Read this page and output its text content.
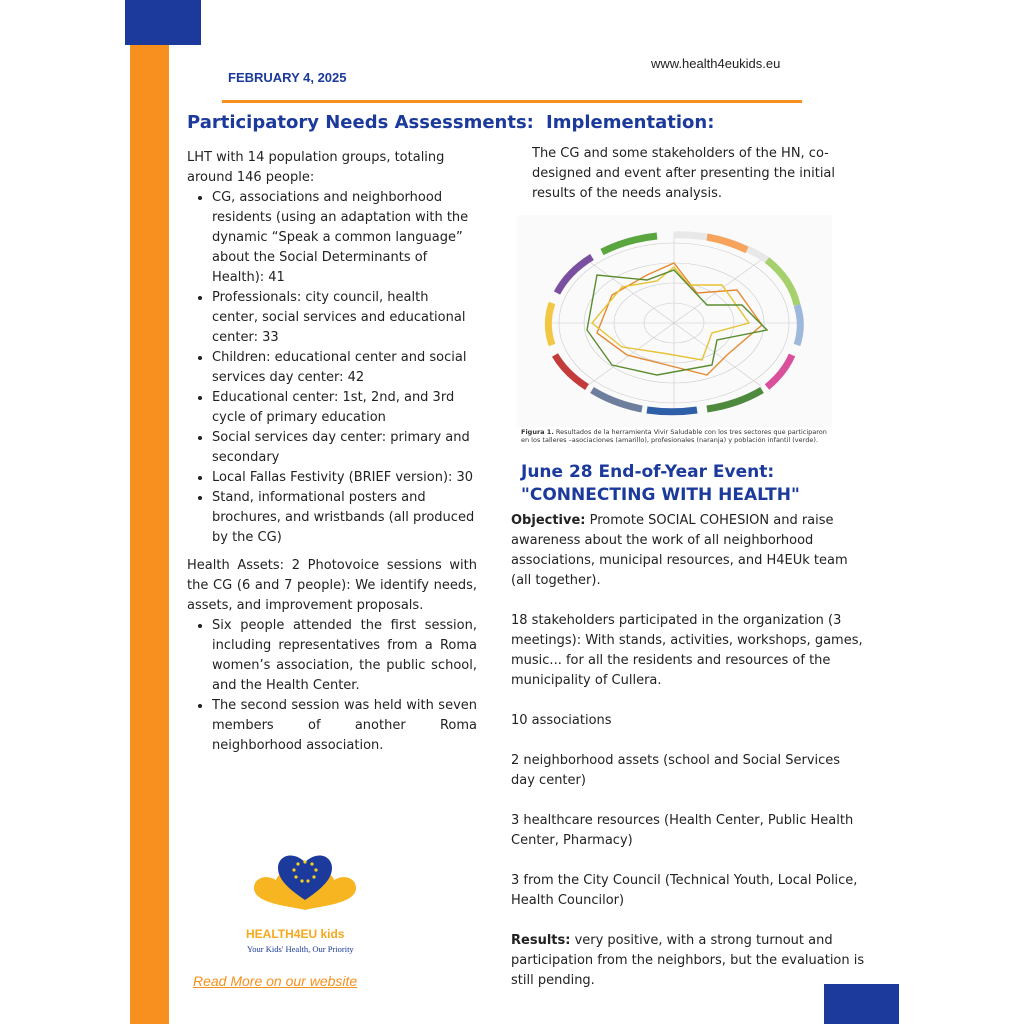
FEBRUARY 4, 2025
www.health4eukids.eu
Participatory Needs Assessments: Implementation:

LHT with 14 population groups, totaling around 146 people:

• CG, associations and neighborhood residents (using an adaptation with the dynamic “Speak a common language” about the Social Determinants of Health): 41
• Professionals: city council, health center, social services and educational center: 33
• Children: educational center and social services day center: 42
• Educational center: 1st, 2nd, and 3rd cycle of primary education
• Social services day center: primary and secondary
• Local Fallas Festivity (BRIEF version): 30
• Stand, informational posters and brochures, and wristbands (all produced by the CG)

Health Assets: 2 Photovoice sessions with the CG (6 and 7 people): We identify needs, assets, and improvement proposals.

• Six people attended the first session, including representatives from a Roma women’s association, the public school, and the Health Center.
• The second session was held with seven members of another Roma neighborhood association.

The CG and some stakeholders of the HN, co-designed and event after presenting the initial results of the needs analysis.

Figura 1. Resultados de la herramienta Vivir Saludable con los tres sectores que participaron en los talleres –asociaciones (amarillo), profesionales (naranja) y población infantil (verde).

June 28 End-of-Year Event:
"CONNECTING WITH HEALTH"

Objective: Promote SOCIAL COHESION and raise awareness about the work of all neighborhood associations, municipal resources, and H4EUk team (all together).

18 stakeholders participated in the organization (3 meetings): With stands, activities, workshops, games, music... for all the residents and resources of the municipality of Cullera.

10 associations

2 neighborhood assets (school and Social Services day center)

3 healthcare resources (Health Center, Public Health Center, Pharmacy)

3 from the City Council (Technical Youth, Local Police, Health Councilor)

Results: very positive, with a strong turnout and participation from the neighbors, but the evaluation is still pending.

HEALTH4EU kids
Your Kids' Health, Our Priority
Read More on our website
